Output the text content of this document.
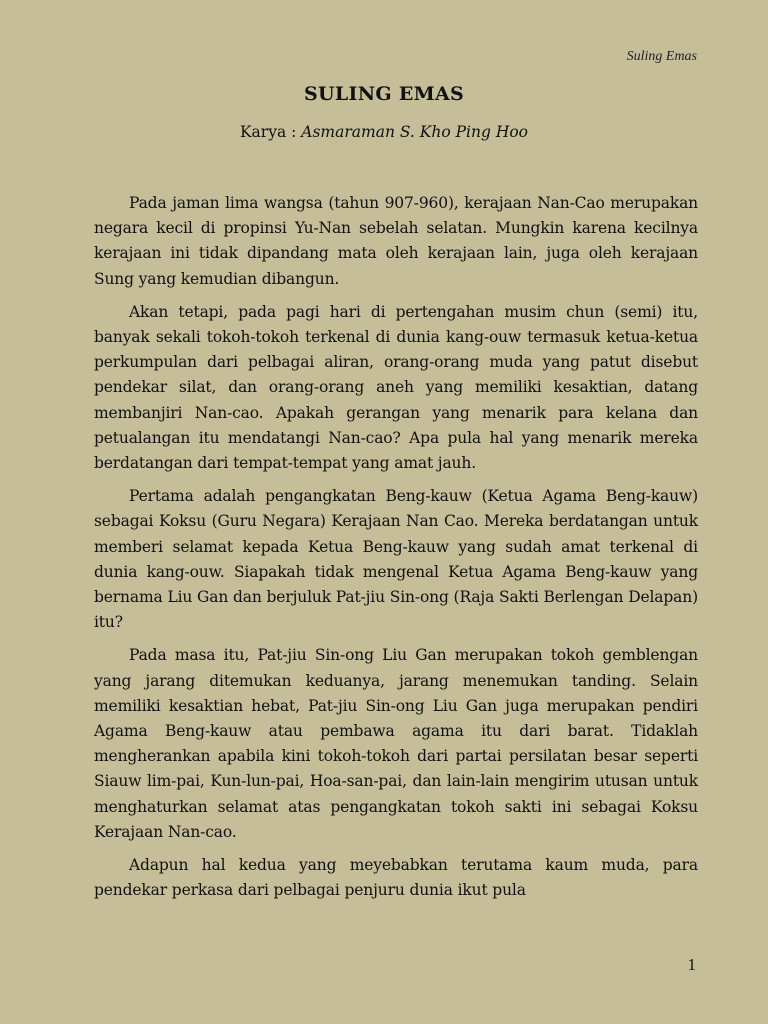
Suling Emas
SULING EMAS
Karya : Asmaraman S. Kho Ping Hoo

Pada jaman lima wangsa (tahun 907-960), kerajaan Nan-Cao merupakan negara kecil di propinsi Yu-Nan sebelah selatan. Mungkin karena kecilnya kerajaan ini tidak dipandang mata oleh kerajaan lain, juga oleh kerajaan Sung yang kemudian dibangun.

Akan tetapi, pada pagi hari di pertengahan musim chun (semi) itu, banyak sekali tokoh-tokoh terkenal di dunia kang-ouw termasuk ketua-ketua perkumpulan dari pelbagai aliran, orang-orang muda yang patut disebut pendekar silat, dan orang-orang aneh yang memiliki kesaktian, datang membanjiri Nan-cao. Apakah gerangan yang menarik para kelana dan petualangan itu mendatangi Nan-cao? Apa pula hal yang menarik mereka berdatangan dari tempat-tempat yang amat jauh.

Pertama adalah pengangkatan Beng-kauw (Ketua Agama Beng-kauw) sebagai Koksu (Guru Negara) Kerajaan Nan Cao. Mereka berdatangan untuk memberi selamat kepada Ketua Beng-kauw yang sudah amat terkenal di dunia kang-ouw. Siapakah tidak mengenal Ketua Agama Beng-kauw yang bernama Liu Gan dan berjuluk Pat-jiu Sin-ong (Raja Sakti Berlengan Delapan) itu?

Pada masa itu, Pat-jiu Sin-ong Liu Gan merupakan tokoh gemblengan yang jarang ditemukan keduanya, jarang menemukan tanding. Selain memiliki kesaktian hebat, Pat-jiu Sin-ong Liu Gan juga merupakan pendiri Agama Beng-kauw atau pembawa agama itu dari barat. Tidaklah mengherankan apabila kini tokoh-tokoh dari partai persilatan besar seperti Siauw lim-pai, Kun-lun-pai, Hoa-san-pai, dan lain-lain mengirim utusan untuk menghaturkan selamat atas pengangkatan tokoh sakti ini sebagai Koksu Kerajaan Nan-cao.

Adapun hal kedua yang meyebabkan terutama kaum muda, para pendekar perkasa dari pelbagai penjuru dunia ikut pula

1
